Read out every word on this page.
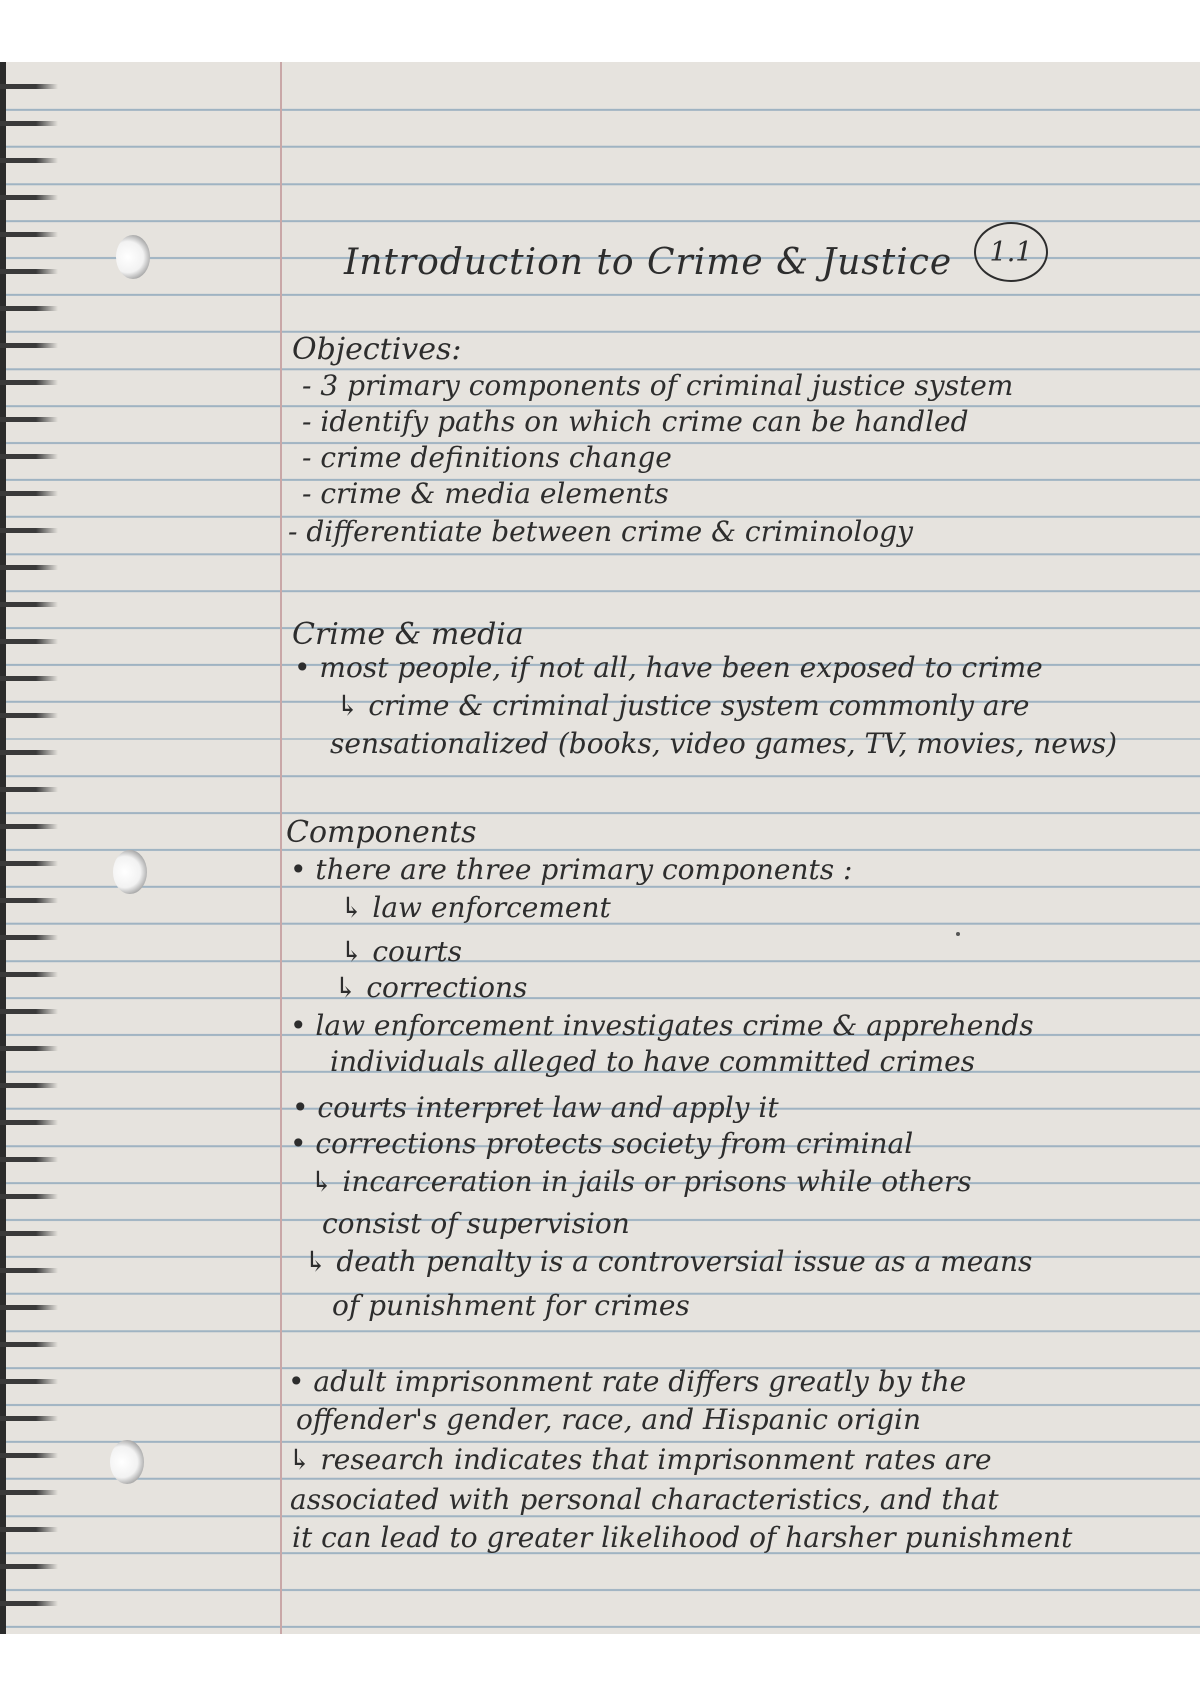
Introduction to Crime & Justice	1.1
Objectives:
- 3 primary components of criminal justice system
- identify paths on which crime can be handled
- crime definitions change
- crime & media elements
- differentiate between crime & criminology
Crime & media
• most people, if not all, have been exposed to crime
↳ crime & criminal justice system commonly are
sensationalized (books, video games, TV, movies, news)
Components
• there are three primary components :
↳ law enforcement
↳ courts
↳ corrections
• law enforcement investigates crime & apprehends
individuals alleged to have committed crimes
• courts interpret law and apply it
• corrections protects society from criminal
↳ incarceration in jails or prisons while others
consist of supervision
↳ death penalty is a controversial issue as a means
of punishment for crimes
• adult imprisonment rate differs greatly by the
offender's gender, race, and Hispanic origin
↳ research indicates that imprisonment rates are
associated with personal characteristics, and that
it can lead to greater likelihood of harsher punishment
